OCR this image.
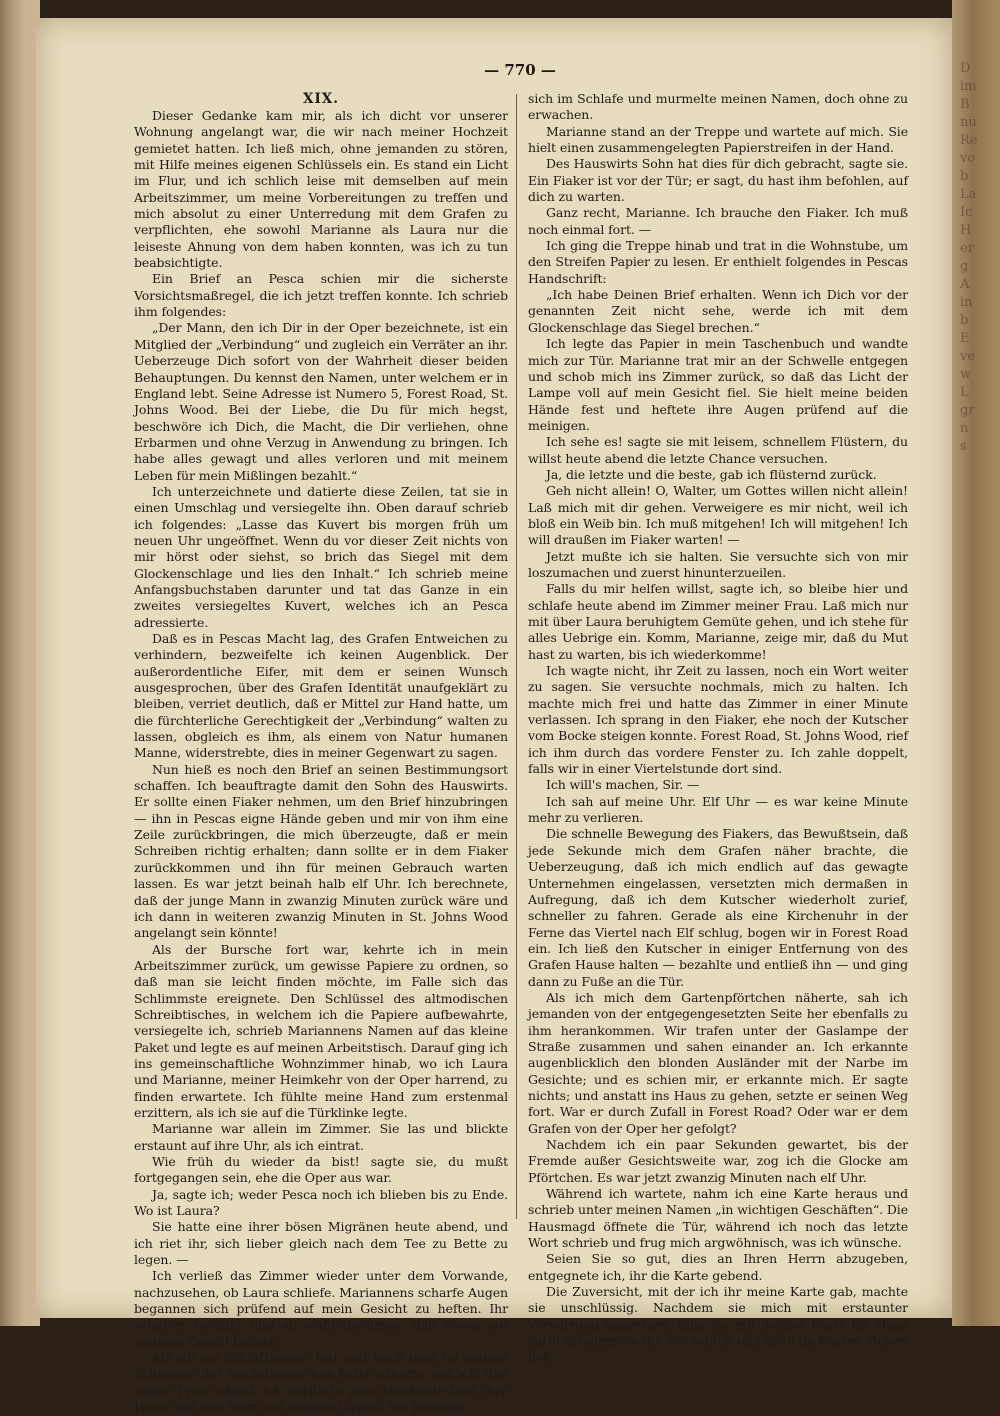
D
im
B
nu
Re
vo
b
La
Ic
H
er
g
A
in
b
E
ve
w
L
gr
n
s
— 770 —
XIX.

Dieser Gedanke kam mir, als ich dicht vor unserer Wohnung angelangt war, die wir nach meiner Hochzeit gemietet hatten. Ich ließ mich, ohne jemanden zu stören, mit Hilfe meines eigenen Schlüssels ein. Es stand ein Licht im Flur, und ich schlich leise mit demselben auf mein Arbeitszimmer, um meine Vorbereitungen zu treffen und mich absolut zu einer Unterredung mit dem Grafen zu verpflichten, ehe sowohl Marianne als Laura nur die leiseste Ahnung von dem haben konnten, was ich zu tun beabsichtigte.

Ein Brief an Pesca schien mir die sicherste Vorsichtsmaßregel, die ich jetzt treffen konnte. Ich schrieb ihm folgendes:

„Der Mann, den ich Dir in der Oper bezeichnete, ist ein Mitglied der „Verbindung“ und zugleich ein Verräter an ihr. Ueberzeuge Dich sofort von der Wahrheit dieser beiden Behauptungen. Du kennst den Namen, unter welchem er in England lebt. Seine Adresse ist Numero 5, Forest Road, St. Johns Wood. Bei der Liebe, die Du für mich hegst, beschwöre ich Dich, die Macht, die Dir verliehen, ohne Erbarmen und ohne Verzug in Anwendung zu bringen. Ich habe alles gewagt und alles verloren und mit meinem Leben für mein Mißlingen bezahlt.“

Ich unterzeichnete und datierte diese Zeilen, tat sie in einen Umschlag und versiegelte ihn. Oben darauf schrieb ich folgendes: „Lasse das Kuvert bis morgen früh um neuen Uhr ungeöffnet. Wenn du vor dieser Zeit nichts von mir hörst oder siehst, so brich das Siegel mit dem Glockenschlage und lies den Inhalt.“ Ich schrieb meine Anfangsbuchstaben darunter und tat das Ganze in ein zweites versiegeltes Kuvert, welches ich an Pesca adressierte.

Daß es in Pescas Macht lag, des Grafen Entweichen zu verhindern, bezweifelte ich keinen Augenblick. Der außerordentliche Eifer, mit dem er seinen Wunsch ausgesprochen, über des Grafen Identität unaufgeklärt zu bleiben, verriet deutlich, daß er Mittel zur Hand hatte, um die fürchterliche Gerechtigkeit der „Verbindung“ walten zu lassen, obgleich es ihm, als einem von Natur humanen Manne, widerstrebte, dies in meiner Gegenwart zu sagen.

Nun hieß es noch den Brief an seinen Bestimmungsort schaffen. Ich beauftragte damit den Sohn des Hauswirts. Er sollte einen Fiaker nehmen, um den Brief hinzubringen — ihn in Pescas eigne Hände geben und mir von ihm eine Zeile zurückbringen, die mich überzeugte, daß er mein Schreiben richtig erhalten; dann sollte er in dem Fiaker zurückkommen und ihn für meinen Gebrauch warten lassen. Es war jetzt beinah halb elf Uhr. Ich berechnete, daß der junge Mann in zwanzig Minuten zurück wäre und ich dann in weiteren zwanzig Minuten in St. Johns Wood angelangt sein könnte!

Als der Bursche fort war, kehrte ich in mein Arbeitszimmer zurück, um gewisse Papiere zu ordnen, so daß man sie leicht finden möchte, im Falle sich das Schlimmste ereignete. Den Schlüssel des altmodischen Schreibtisches, in welchem ich die Papiere aufbewahrte, versiegelte ich, schrieb Mariannens Namen auf das kleine Paket und legte es auf meinen Arbeitstisch. Darauf ging ich ins gemeinschaftliche Wohnzimmer hinab, wo ich Laura und Marianne, meiner Heimkehr von der Oper harrend, zu finden erwartete. Ich fühlte meine Hand zum erstenmal erzittern, als ich sie auf die Türklinke legte.

Marianne war allein im Zimmer. Sie las und blickte erstaunt auf ihre Uhr, als ich eintrat.

Wie früh du wieder da bist! sagte sie, du mußt fortgegangen sein, ehe die Oper aus war.

Ja, sagte ich; weder Pesca noch ich blieben bis zu Ende. Wo ist Laura?

Sie hatte eine ihrer bösen Migränen heute abend, und ich riet ihr, sich lieber gleich nach dem Tee zu Bette zu legen. —

Ich verließ das Zimmer wieder unter dem Vorwande, nachzusehen, ob Laura schliefe. Mariannens scharfe Augen begannen sich prüfend auf mein Gesicht zu heften. Ihr scharfer Instinkt fing an wahrzunehmen, daß etwas auf meinem Gemüt lastete.

Als ich ins Schlafzimmer trat und mich leise im matten Schimmer der Nachtlampe dem Bette näherte, sah ich, daß meine Frau schlief. Ich berührte zum Abschiede bloß ihre Hand und ihre Stirn mit meinen Lippen. Sie bewegte

sich im Schlafe und murmelte meinen Namen, doch ohne zu erwachen.

Marianne stand an der Treppe und wartete auf mich. Sie hielt einen zusammengelegten Papierstreifen in der Hand.

Des Hauswirts Sohn hat dies für dich gebracht, sagte sie. Ein Fiaker ist vor der Tür; er sagt, du hast ihm befohlen, auf dich zu warten.

Ganz recht, Marianne. Ich brauche den Fiaker. Ich muß noch einmal fort. —

Ich ging die Treppe hinab und trat in die Wohnstube, um den Streifen Papier zu lesen. Er enthielt folgendes in Pescas Handschrift:

„Ich habe Deinen Brief erhalten. Wenn ich Dich vor der genannten Zeit nicht sehe, werde ich mit dem Glockenschlage das Siegel brechen.“

Ich legte das Papier in mein Taschenbuch und wandte mich zur Tür. Marianne trat mir an der Schwelle entgegen und schob mich ins Zimmer zurück, so daß das Licht der Lampe voll auf mein Gesicht fiel. Sie hielt meine beiden Hände fest und heftete ihre Augen prüfend auf die meinigen.

Ich sehe es! sagte sie mit leisem, schnellem Flüstern, du willst heute abend die letzte Chance versuchen.

Ja, die letzte und die beste, gab ich flüsternd zurück.

Geh nicht allein! O, Walter, um Gottes willen nicht allein! Laß mich mit dir gehen. Verweigere es mir nicht, weil ich bloß ein Weib bin. Ich muß mitgehen! Ich will mitgehen! Ich will draußen im Fiaker warten! —

Jetzt mußte ich sie halten. Sie versuchte sich von mir loszumachen und zuerst hinunterzueilen.

Falls du mir helfen willst, sagte ich, so bleibe hier und schlafe heute abend im Zimmer meiner Frau. Laß mich nur mit über Laura beruhigtem Gemüte gehen, und ich stehe für alles Uebrige ein. Komm, Marianne, zeige mir, daß du Mut hast zu warten, bis ich wiederkomme!

Ich wagte nicht, ihr Zeit zu lassen, noch ein Wort weiter zu sagen. Sie versuchte nochmals, mich zu halten. Ich machte mich frei und hatte das Zimmer in einer Minute verlassen. Ich sprang in den Fiaker, ehe noch der Kutscher vom Bocke steigen konnte. Forest Road, St. Johns Wood, rief ich ihm durch das vordere Fenster zu. Ich zahle doppelt, falls wir in einer Viertelstunde dort sind.

Ich will's machen, Sir. —

Ich sah auf meine Uhr. Elf Uhr — es war keine Minute mehr zu verlieren.

Die schnelle Bewegung des Fiakers, das Bewußtsein, daß jede Sekunde mich dem Grafen näher brachte, die Ueberzeugung, daß ich mich endlich auf das gewagte Unternehmen eingelassen, versetzten mich dermaßen in Aufregung, daß ich dem Kutscher wiederholt zurief, schneller zu fahren. Gerade als eine Kirchenuhr in der Ferne das Viertel nach Elf schlug, bogen wir in Forest Road ein. Ich ließ den Kutscher in einiger Entfernung von des Grafen Hause halten — bezahlte und entließ ihn — und ging dann zu Fuße an die Tür.

Als ich mich dem Gartenpförtchen näherte, sah ich jemanden von der entgegengesetzten Seite her ebenfalls zu ihm herankommen. Wir trafen unter der Gaslampe der Straße zusammen und sahen einander an. Ich erkannte augenblicklich den blonden Ausländer mit der Narbe im Gesichte; und es schien mir, er erkannte mich. Er sagte nichts; und anstatt ins Haus zu gehen, setzte er seinen Weg fort. War er durch Zufall in Forest Road? Oder war er dem Grafen von der Oper her gefolgt?

Nachdem ich ein paar Sekunden gewartet, bis der Fremde außer Gesichtsweite war, zog ich die Glocke am Pförtchen. Es war jetzt zwanzig Minuten nach elf Uhr.

Während ich wartete, nahm ich eine Karte heraus und schrieb unter meinen Namen „in wichtigen Geschäften“. Die Hausmagd öffnete die Tür, während ich noch das letzte Wort schrieb und frug mich argwöhnisch, was ich wünsche.

Seien Sie so gut, dies an Ihren Herrn abzugeben, entgegnete ich, ihr die Karte gebend.

Die Zuversicht, mit der ich ihr meine Karte gab, machte sie unschlüssig. Nachdem sie mich mit erstaunter Verwirrung angestiert, ging sie mit meiner Karte ins Haus zurück, indem sie die Tür schloß und mich im Garten stehen ließ.
